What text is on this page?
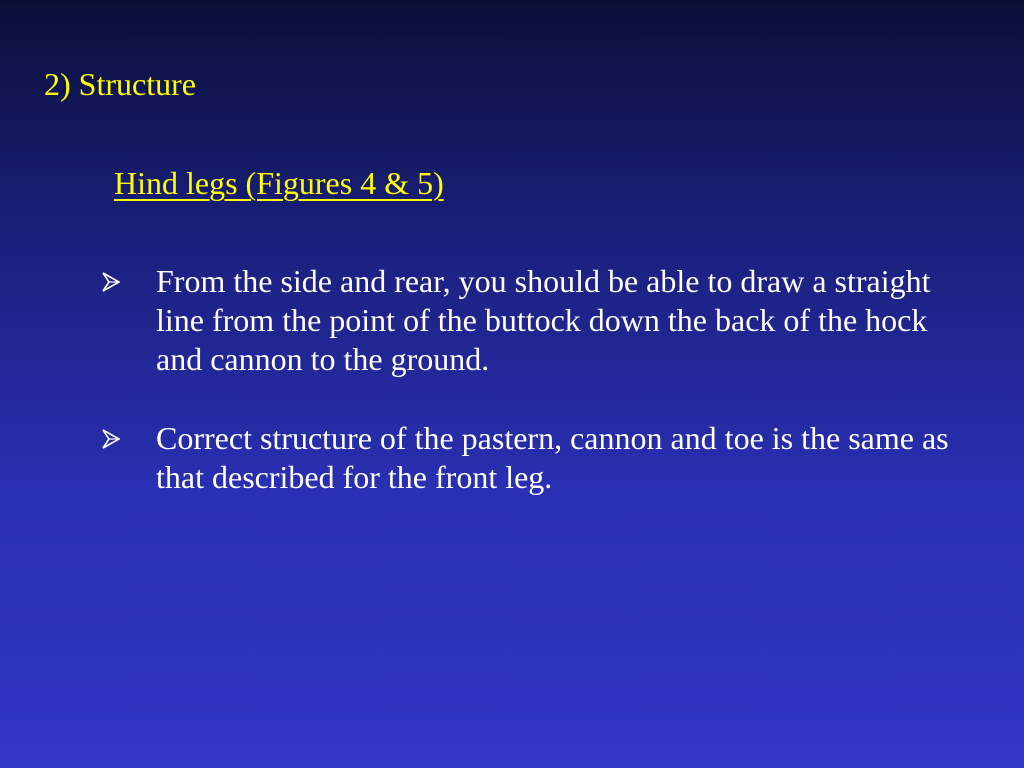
2) Structure
Hind legs (Figures 4 & 5)
From the side and rear, you should be able to draw a straight line from the point of the buttock down the back of the hock and cannon to the ground.
Correct structure of the pastern, cannon and toe is the same as that described for the front leg.
